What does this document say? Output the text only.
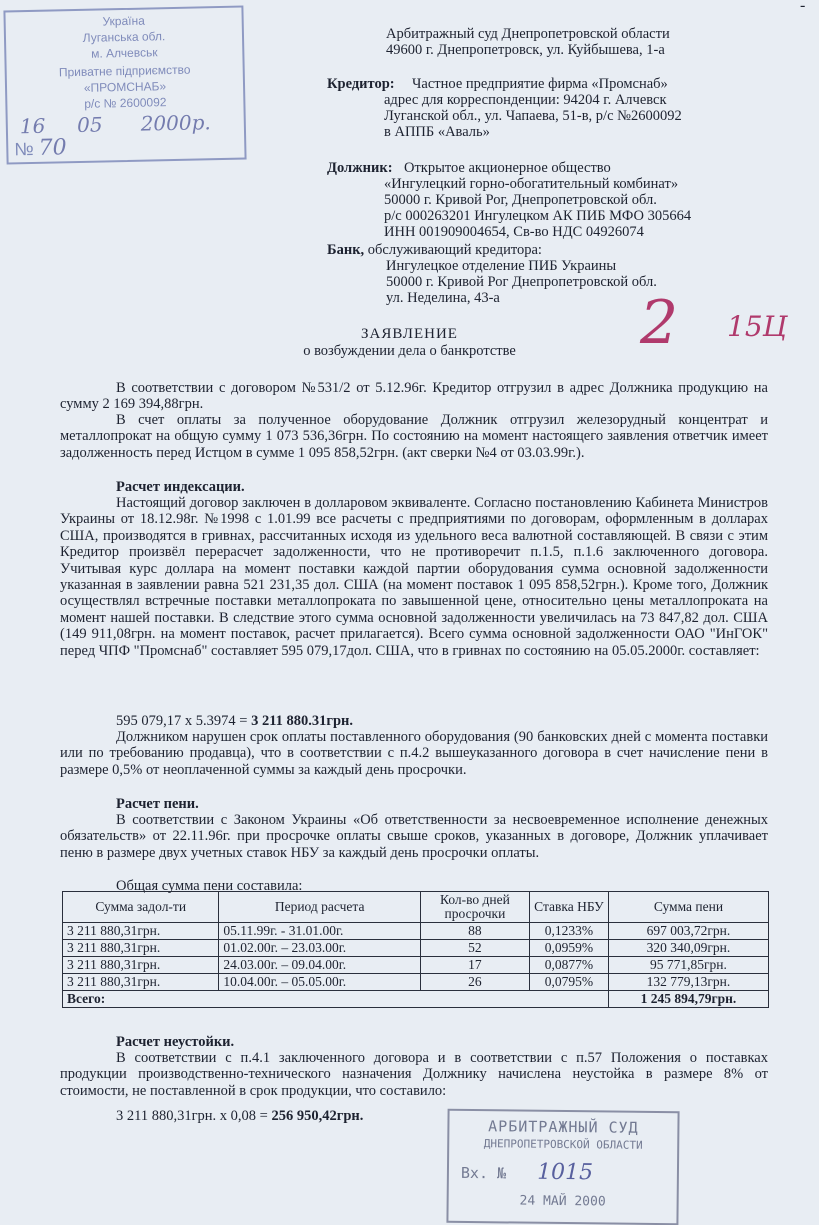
Україна
Луганська обл.
м. Алчевськ
Приватне підприємство
«ПРОМСНАБ»
р/с № 2600092
16 05 2000р.
№ 70
-
Арбитражный суд Днепропетровской области
49600 г. Днепропетровск, ул. Куйбышева, 1-а
Кредитор: Частное предприятие фирма «Промснаб»
адрес для корреспонденции: 94204 г. Алчевск
Луганской обл., ул. Чапаева, 51-в, р/с №2600092
в АППБ «Аваль»
Должник: Открытое акционерное общество
«Ингулецкий горно-обогатительный комбинат»
50000 г. Кривой Рог, Днепропетровской обл.
р/с 000263201 Ингулецком АК ПИБ МФО 305664
ИНН 001909004654, Св-во НДС 04926074
Банк, обслуживающий кредитора:
Ингулецкое отделение ПИБ Украины
50000 г. Кривой Рог Днепропетровской обл.
ул. Неделина, 43-а 2 15Ц
ЗАЯВЛЕНИЕ
о возбуждении дела о банкротстве
В соответствии с договором №531/2 от 5.12.96г. Кредитор отгрузил в адрес Должника продукцию на сумму 2 169 394,88грн.
В счет оплаты за полученное оборудование Должник отгрузил железорудный концентрат и металлопрокат на общую сумму 1 073 536,36грн. По состоянию на момент настоящего заявления ответчик имеет задолженность перед Истцом в сумме 1 095 858,52грн. (акт сверки №4 от 03.03.99г.).
Расчет индексации.
Настоящий договор заключен в долларовом эквиваленте. Согласно постановлению Кабинета Министров Украины от 18.12.98г. №1998 с 1.01.99 все расчеты с предприятиями по договорам, оформленным в долларах США, производятся в гривнах, рассчитанных исходя из удельного веса валютной составляющей. В связи с этим Кредитор произвёл перерасчет задолженности, что не противоречит п.1.5, п.1.6 заключенного договора. Учитывая курс доллара на момент поставки каждой партии оборудования сумма основной задолженности указанная в заявлении равна 521 231,35 дол. США (на момент поставок 1 095 858,52грн.). Кроме того, Должник осуществлял встречные поставки металлопроката по завышенной цене, относительно цены металлопроката на момент нашей поставки. В следствие этого сумма основной задолженности увеличилась на 73 847,82 дол. США (149 911,08грн. на момент поставок, расчет прилагается). Всего сумма основной задолженности ОАО "ИнГОК" перед ЧПФ "Промснаб" составляет 595 079,17дол. США, что в гривнах по состоянию на 05.05.2000г. составляет:
595 079,17 х 5.3974 = 3 211 880.31грн.
Должником нарушен срок оплаты поставленного оборудования (90 банковских дней с момента поставки или по требованию продавца), что в соответствии с п.4.2 вышеуказанного договора в счет начисление пени в размере 0,5% от неоплаченной суммы за каждый день просрочки.
Расчет пени.
В соответствии с Законом Украины «Об ответственности за несвоевременное исполнение денежных обязательств» от 22.11.96г. при просрочке оплаты свыше сроков, указанных в договоре, Должник уплачивает пеню в размере двух учетных ставок НБУ за каждый день просрочки оплаты.
Общая сумма пени составила:
Сумма задол-ти	Период расчета	Кол-во дней просрочки	Ставка НБУ	Сумма пени
3 211 880,31грн.	05.11.99г. - 31.01.00г.	88	0,1233%	697 003,72грн.
3 211 880,31грн.	01.02.00г. – 23.03.00г.	52	0,0959%	320 340,09грн.
3 211 880,31грн.	24.03.00г. – 09.04.00г.	17	0,0877%	95 771,85грн.
3 211 880,31грн.	10.04.00г. – 05.05.00г.	26	0,0795%	132 779,13грн.
Всего:				1 245 894,79грн.
Расчет неустойки.
В соответствии с п.4.1 заключенного договора и в соответствии с п.57 Положения о поставках продукции производственно-технического назначения Должнику начислена неустойка в размере 8% от стоимости, не поставленной в срок продукции, что составило:
3 211 880,31грн. х 0,08 = 256 950,42грн.
АРБИТРАЖНЫЙ СУД
ДНЕПРОПЕТРОВСКОЙ ОБЛАСТИ
Вх. № 1015
24 МАЙ 2000
